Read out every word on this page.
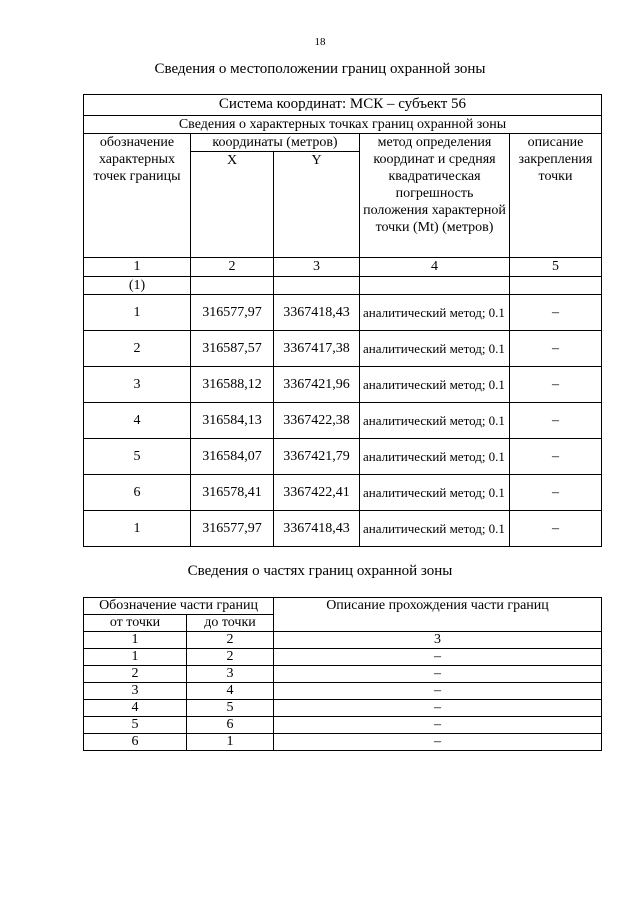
18
Сведения о местоположении границ охранной зоны
Система координат: МСК – субъект 56				
Сведения о характерных точках границ охранной зоны				
обозначение характерных точек границы	координаты (метров)		метод определения координат и средняя квадратическая погрешность положения характерной точки (Mt) (метров)	описание закрепления точки
	X	Y		
1	2	3	4	5
(1)				
1	316577,97	3367418,43	аналитический метод; 0.1	–
2	316587,57	3367417,38	аналитический метод; 0.1	–
3	316588,12	3367421,96	аналитический метод; 0.1	–
4	316584,13	3367422,38	аналитический метод; 0.1	–
5	316584,07	3367421,79	аналитический метод; 0.1	–
6	316578,41	3367422,41	аналитический метод; 0.1	–
1	316577,97	3367418,43	аналитический метод; 0.1	–
Сведения о частях границ охранной зоны
Обозначение части границ		Описание прохождения части границ
от точки	до точки	
1	2	3
1	2	–
2	3	–
3	4	–
4	5	–
5	6	–
6	1	–
